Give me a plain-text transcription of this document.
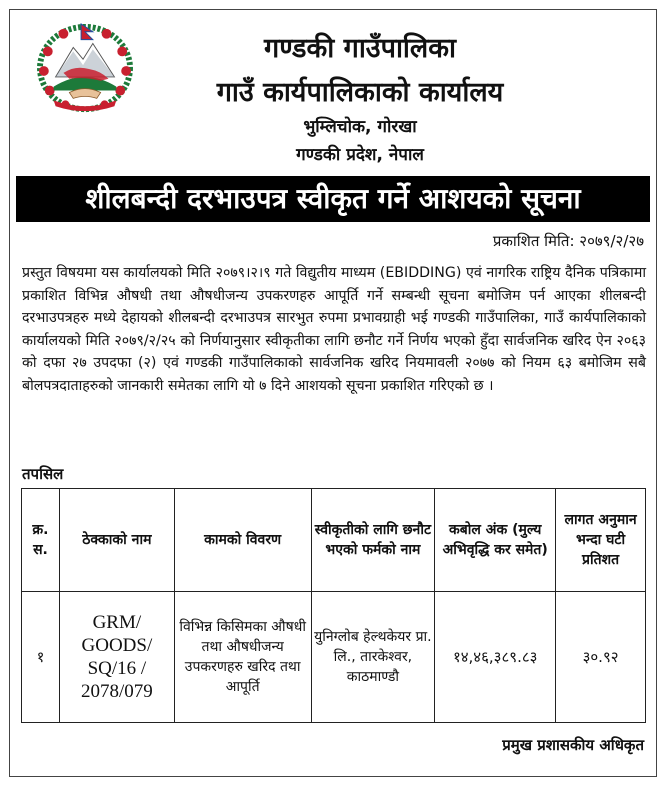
गण्डकी गाउँपालिका
गाउँ कार्यपालिकाको कार्यालय
भुम्लिचोक, गोरखा
गण्डकी प्रदेश, नेपाल
शीलबन्दी दरभाउपत्र स्वीकृत गर्ने आशयको सूचना
प्रकाशित मिति: २०७९/२/२७
प्रस्तुत विषयमा यस कार्यालयको मिति २०७९।२।९ गते विद्युतीय माध्यम (EBIDDING) एवं नागरिक राष्ट्रिय दैनिक पत्रिकामा प्रकाशित विभिन्न औषधी तथा औषधीजन्य उपकरणहरु आपूर्ति गर्ने सम्बन्धी सूचना बमोजिम पर्न आएका शीलबन्दी दरभाउपत्रहरु मध्ये देहायको शीलबन्दी दरभाउपत्र सारभुत रुपमा प्रभावग्राही भई गण्डकी गाउँपालिका, गाउँ कार्यपालिकाको कार्यालयको मिति २०७९/२/२५ को निर्णयानुसार स्वीकृतीका लागि छनौट गर्ने निर्णय भएको हुँदा सार्वजनिक खरिद ऐन २०६३ को दफा २७ उपदफा (२) एवं गण्डकी गाउँपालिकाको सार्वजनिक खरिद नियमावली २०७७ को नियम ६३ बमोजिम सबै बोलपत्रदाताहरुको जानकारी समेतका लागि यो ७ दिने आशयको सूचना प्रकाशित गरिएको छ ।
तपसिल
क्र. स.	ठेक्काको नाम	कामको विवरण	स्वीकृतीको लागि छनौट भएको फर्मको नाम	कबोल अंक (मुल्य अभिवृद्धि कर समेत)	लागत अनुमान भन्दा घटी प्रतिशत
१	GRM/ GOODS/ SQ/16 / 2078/079	विभिन्न किसिमका औषधी तथा औषधीजन्य उपकरणहरु खरिद तथा आपूर्ति	युनिग्लोब हेल्थकेयर प्रा. लि., तारकेश्वर, काठमाण्डौ	१४,४६,३८९.८३	३०.९२
प्रमुख प्रशासकीय अधिकृत
